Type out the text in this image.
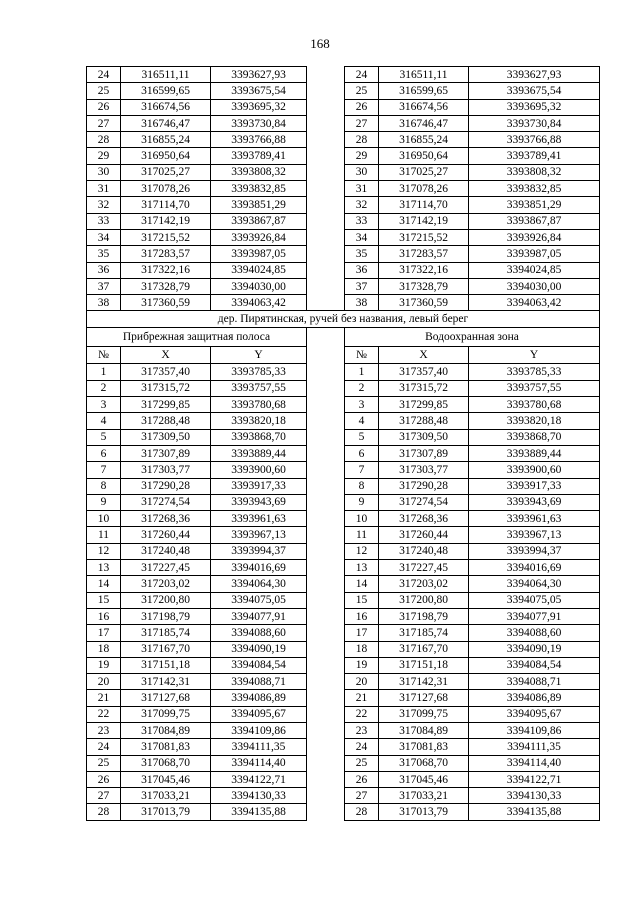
168
24	316511,11	3393627,93		24	316511,11	3393627,93
25	316599,65	3393675,54		25	316599,65	3393675,54
26	316674,56	3393695,32		26	316674,56	3393695,32
27	316746,47	3393730,84		27	316746,47	3393730,84
28	316855,24	3393766,88		28	316855,24	3393766,88
29	316950,64	3393789,41		29	316950,64	3393789,41
30	317025,27	3393808,32		30	317025,27	3393808,32
31	317078,26	3393832,85		31	317078,26	3393832,85
32	317114,70	3393851,29		32	317114,70	3393851,29
33	317142,19	3393867,87		33	317142,19	3393867,87
34	317215,52	3393926,84		34	317215,52	3393926,84
35	317283,57	3393987,05		35	317283,57	3393987,05
36	317322,16	3394024,85		36	317322,16	3394024,85
37	317328,79	3394030,00		37	317328,79	3394030,00
38	317360,59	3394063,42		38	317360,59	3394063,42
дер. Пирятинская, ручей без названия, левый берег						
Прибрежная защитная полоса				Водоохранная зона		
№	X	Y		№	X	Y
1	317357,40	3393785,33		1	317357,40	3393785,33
2	317315,72	3393757,55		2	317315,72	3393757,55
3	317299,85	3393780,68		3	317299,85	3393780,68
4	317288,48	3393820,18		4	317288,48	3393820,18
5	317309,50	3393868,70		5	317309,50	3393868,70
6	317307,89	3393889,44		6	317307,89	3393889,44
7	317303,77	3393900,60		7	317303,77	3393900,60
8	317290,28	3393917,33		8	317290,28	3393917,33
9	317274,54	3393943,69		9	317274,54	3393943,69
10	317268,36	3393961,63		10	317268,36	3393961,63
11	317260,44	3393967,13		11	317260,44	3393967,13
12	317240,48	3393994,37		12	317240,48	3393994,37
13	317227,45	3394016,69		13	317227,45	3394016,69
14	317203,02	3394064,30		14	317203,02	3394064,30
15	317200,80	3394075,05		15	317200,80	3394075,05
16	317198,79	3394077,91		16	317198,79	3394077,91
17	317185,74	3394088,60		17	317185,74	3394088,60
18	317167,70	3394090,19		18	317167,70	3394090,19
19	317151,18	3394084,54		19	317151,18	3394084,54
20	317142,31	3394088,71		20	317142,31	3394088,71
21	317127,68	3394086,89		21	317127,68	3394086,89
22	317099,75	3394095,67		22	317099,75	3394095,67
23	317084,89	3394109,86		23	317084,89	3394109,86
24	317081,83	3394111,35		24	317081,83	3394111,35
25	317068,70	3394114,40		25	317068,70	3394114,40
26	317045,46	3394122,71		26	317045,46	3394122,71
27	317033,21	3394130,33		27	317033,21	3394130,33
28	317013,79	3394135,88		28	317013,79	3394135,88
